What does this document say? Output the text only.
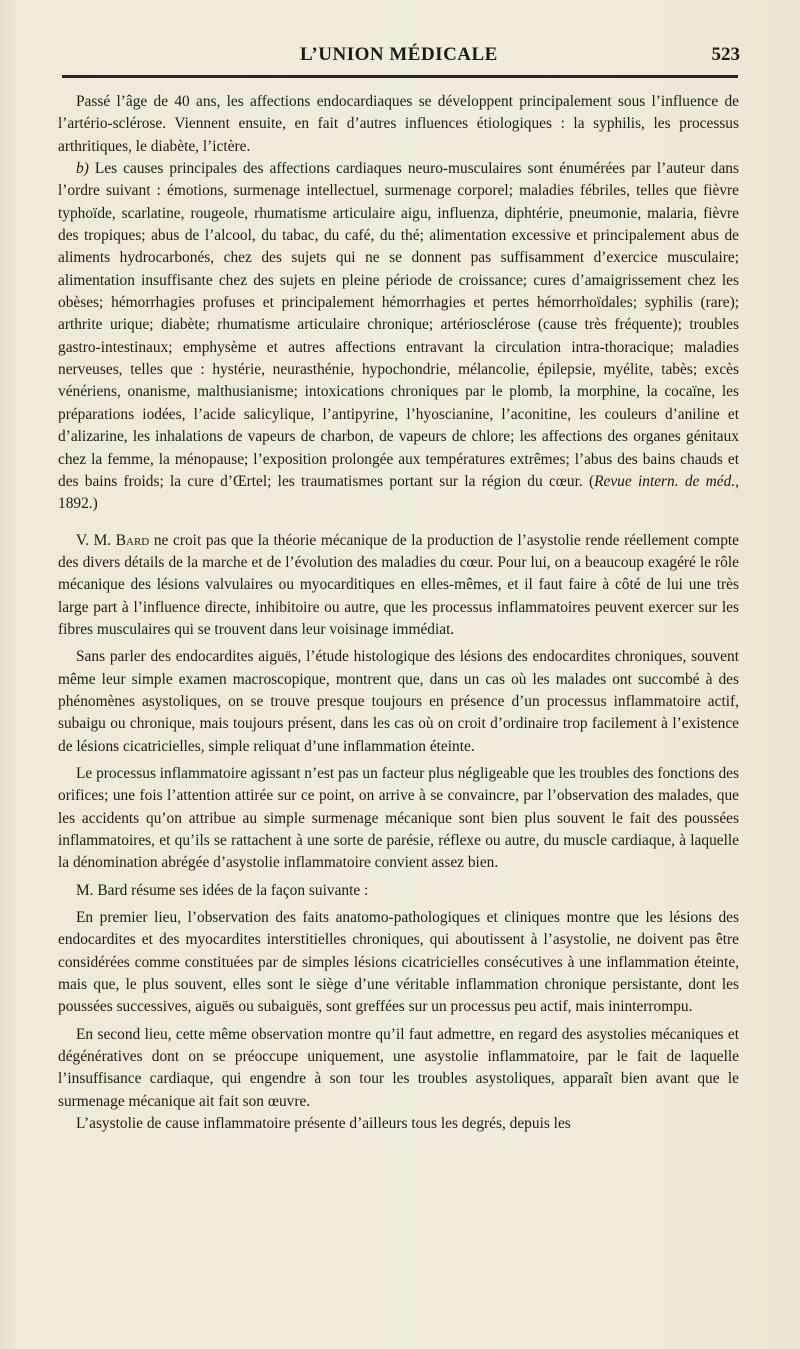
L’UNION MÉDICALE	523

Passé l’âge de 40 ans, les affections endocardiaques se développent principalement sous l’influence de l’artério-sclérose. Viennent ensuite, en fait d’autres influences étiologiques : la syphilis, les processus arthritiques, le diabète, l’ictère.

b) Les causes principales des affections cardiaques neuro-musculaires sont énumérées par l’auteur dans l’ordre suivant : émotions, surmenage intellectuel, surmenage corporel; maladies fébriles, telles que fièvre typhoïde, scarlatine, rougeole, rhumatisme articulaire aigu, influenza, diphtérie, pneumonie, malaria, fièvre des tropiques; abus de l’alcool, du tabac, du café, du thé; alimentation excessive et principalement abus de aliments hydrocarbonés, chez des sujets qui ne se donnent pas suffisamment d’exercice musculaire; alimentation insuffisante chez des sujets en pleine période de croissance; cures d’amaigrissement chez les obèses; hémorrhagies profuses et principalement hémorrhagies et pertes hémorrhoïdales; syphilis (rare); arthrite urique; diabète; rhumatisme articulaire chronique; artériosclérose (cause très fréquente); troubles gastro-intestinaux; emphysème et autres affections entravant la circulation intra-thoracique; maladies nerveuses, telles que : hystérie, neurasthénie, hypochondrie, mélancolie, épilepsie, myélite, tabès; excès vénériens, onanisme, malthusianisme; intoxications chroniques par le plomb, la morphine, la cocaïne, les préparations iodées, l’acide salicylique, l’antipyrine, l’hyoscianine, l’aconitine, les couleurs d’aniline et d’alizarine, les inhalations de vapeurs de charbon, de vapeurs de chlore; les affections des organes génitaux chez la femme, la ménopause; l’exposition prolongée aux températures extrêmes; l’abus des bains chauds et des bains froids; la cure d’Œrtel; les traumatismes portant sur la région du cœur. (Revue intern. de méd., 1892.)

V. M. Bard ne croit pas que la théorie mécanique de la production de l’asystolie rende réellement compte des divers détails de la marche et de l’évolution des maladies du cœur. Pour lui, on a beaucoup exagéré le rôle mécanique des lésions valvulaires ou myocarditiques en elles-mêmes, et il faut faire à côté de lui une très large part à l’influence directe, inhibitoire ou autre, que les processus inflammatoires peuvent exercer sur les fibres musculaires qui se trouvent dans leur voisinage immédiat.

Sans parler des endocardites aiguës, l’étude histologique des lésions des endocardites chroniques, souvent même leur simple examen macroscopique, montrent que, dans un cas où les malades ont succombé à des phénomènes asystoliques, on se trouve presque toujours en présence d’un processus inflammatoire actif, subaigu ou chronique, mais toujours présent, dans les cas où on croit d’ordinaire trop facilement à l’existence de lésions cicatricielles, simple reliquat d’une inflammation éteinte.

Le processus inflammatoire agissant n’est pas un facteur plus négligeable que les troubles des fonctions des orifices; une fois l’attention attirée sur ce point, on arrive à se convaincre, par l’observation des malades, que les accidents qu’on attribue au simple surmenage mécanique sont bien plus souvent le fait des poussées inflammatoires, et qu’ils se rattachent à une sorte de parésie, réflexe ou autre, du muscle cardiaque, à laquelle la dénomination abrégée d’asystolie inflammatoire convient assez bien.

M. Bard résume ses idées de la façon suivante :

En premier lieu, l’observation des faits anatomo-pathologiques et cliniques montre que les lésions des endocardites et des myocardites interstitielles chroniques, qui aboutissent à l’asystolie, ne doivent pas être considérées comme constituées par de simples lésions cicatricielles consécutives à une inflammation éteinte, mais que, le plus souvent, elles sont le siège d’une véritable inflammation chronique persistante, dont les poussées successives, aiguës ou subaiguës, sont greffées sur un processus peu actif, mais ininterrompu.

En second lieu, cette même observation montre qu’il faut admettre, en regard des asystolies mécaniques et dégénératives dont on se préoccupe uniquement, une asystolie inflammatoire, par le fait de laquelle l’insuffisance cardiaque, qui engendre à son tour les troubles asystoliques, apparaît bien avant que le surmenage mécanique ait fait son œuvre.

L’asystolie de cause inflammatoire présente d’ailleurs tous les degrés, depuis les
